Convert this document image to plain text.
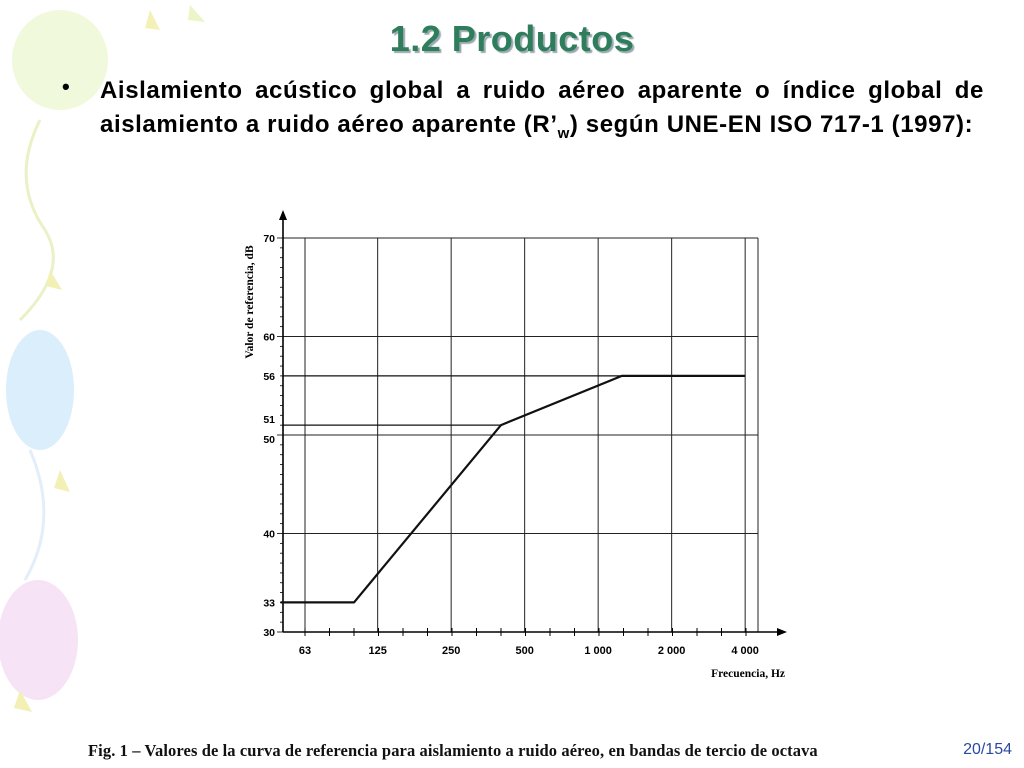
1.2 Productos
• Aislamiento acústico global a ruido aéreo aparente o índice global de aislamiento a ruido aéreo aparente $(R’_w)$ según UNE-EN ISO 717-1 (1997):
30
33
40
50
51
56
60
70
63	125	250	500	1 000	2 000	4 000
Valor de referencia, dB
Frecuencia, Hz
Fig. 1 – Valores de la curva de referencia para aislamiento a ruido aéreo, en bandas de tercio de octava	20/154
